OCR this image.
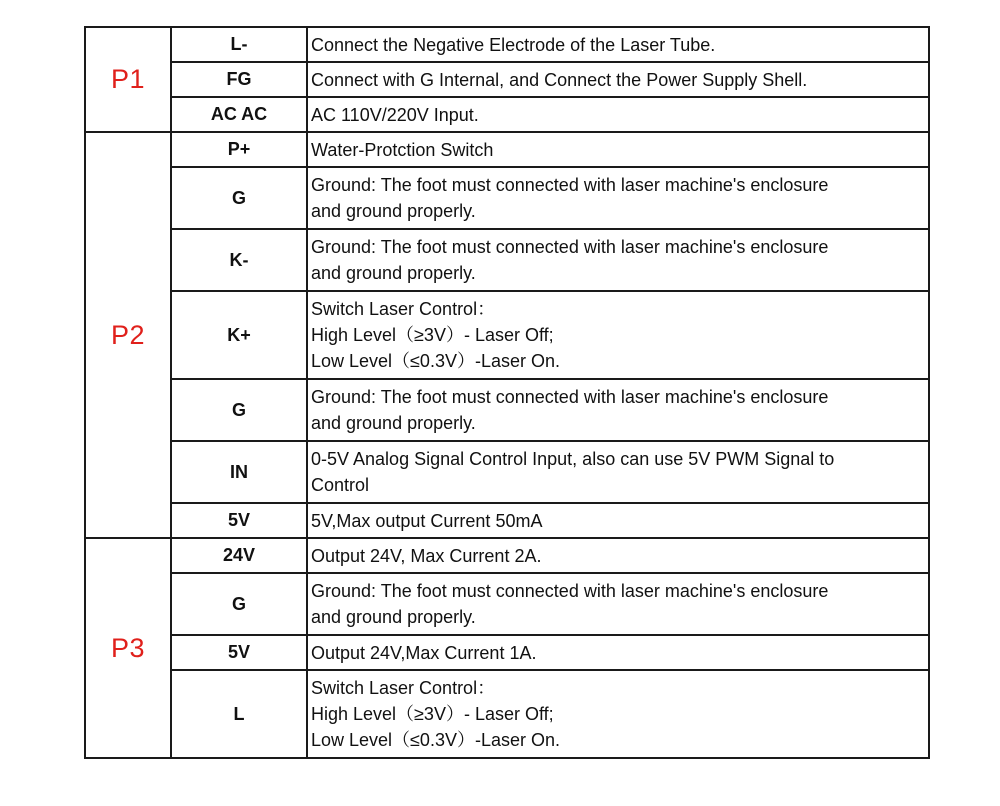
P1	L-	Connect the Negative Electrode of the Laser Tube.

	FG	Connect with G Internal, and Connect the Power Supply Shell.

	AC AC	AC 110V/220V Input.

P2	P+	Water-Protction Switch

	G	Ground: The foot must connected with laser machine's enclosure
and ground properly.

	K-	Ground: The foot must connected with laser machine's enclosure
and ground properly.

	K+	Switch Laser Control：
High Level（≥3V）- Laser Off;
Low Level（≤0.3V）-Laser On.

	G	Ground: The foot must connected with laser machine's enclosure
and ground properly.

	IN	0-5V Analog Signal Control Input, also can use 5V PWM Signal to
Control

	5V	5V,Max output Current 50mA

P3	24V	Output 24V, Max Current 2A.

	G	Ground: The foot must connected with laser machine's enclosure
and ground properly.

	5V	Output 24V,Max Current 1A.

	L	Switch Laser Control：
High Level（≥3V）- Laser Off;
Low Level（≤0.3V）-Laser On.
